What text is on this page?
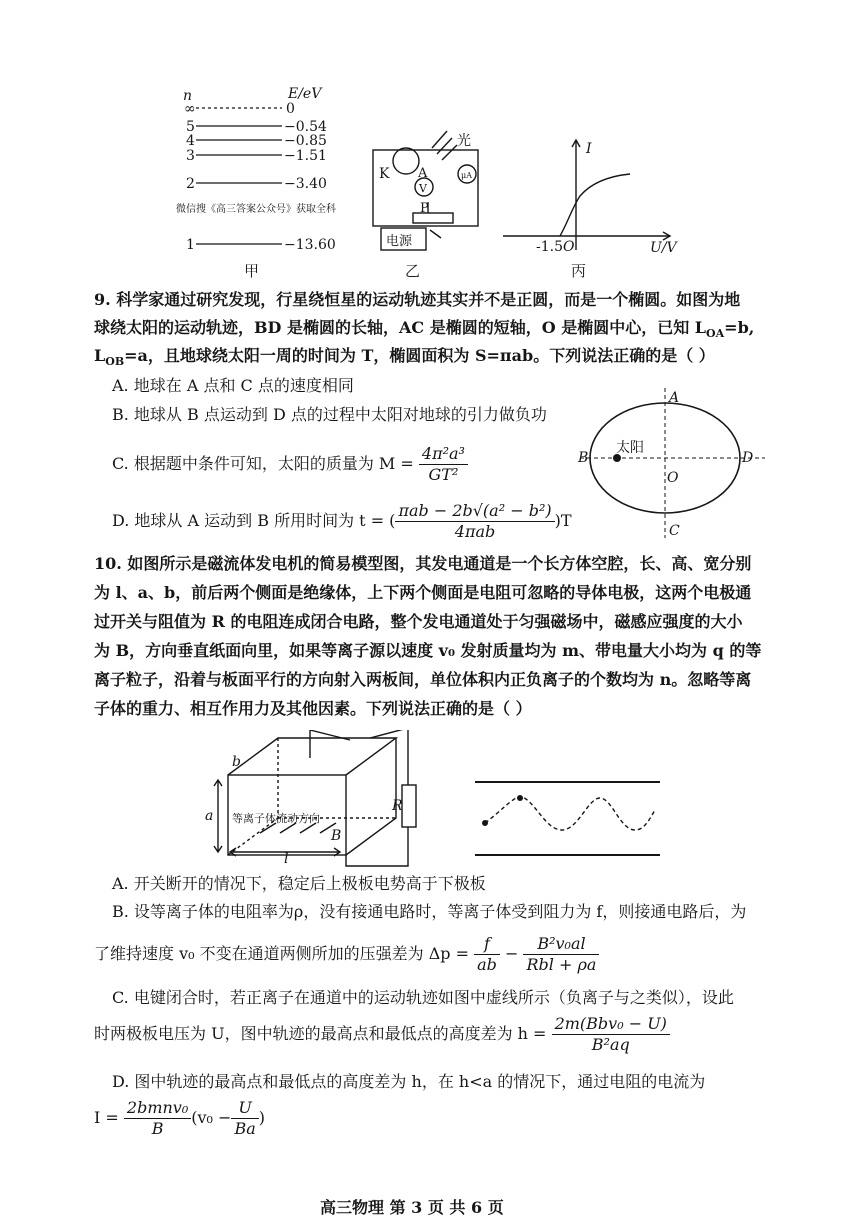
n	E/eV
∞	0
5	−0.54
4	−0.85
3	−1.51
2	−3.40
1	−13.60
微信搜《高三答案公众号》获取全科
甲
光
K A
V
μA
P
电源
乙
I
U/V
-1.5 O
丙
9. 科学家通过研究发现，行星绕恒星的运动轨迹其实并不是正圆，而是一个椭圆。如图为地
球绕太阳的运动轨迹，BD 是椭圆的长轴，AC 是椭圆的短轴，O 是椭圆中心，已知 $L_{OA}=b$,
$L_{OB}=a$，且地球绕太阳一周的时间为 T，椭圆面积为 S=πab。下列说法正确的是（ ）
A. 地球在 A 点和 C 点的速度相同
B. 地球从 B 点运动到 D 点的过程中太阳对地球的引力做负功
C. 根据题中条件可知，太阳的质量为 $M = \frac{\text{4π²a³}}{\text{GT²}}$
D. 地球从 A 运动到 B 所用时间为 t = ( $\frac{\text{πab − 2b√(a² − b²)}}{\text{4πab}} )T$
A
B
C
D
O
太阳
10. 如图所示是磁流体发电机的简易模型图，其发电通道是一个长方体空腔，长、高、宽分别
为 l、a、b，前后两个侧面是绝缘体，上下两个侧面是电阻可忽略的导体电极，这两个电极通
过开关与阻值为 R 的电阻连成闭合电路，整个发电通道处于匀强磁场中，磁感应强度的大小
为 B，方向垂直纸面向里，如果等离子源以速度 v₀ 发射质量均为 m、带电量大小均为 q 的等
离子粒子，沿着与板面平行的方向射入两板间，单位体积内正负离子的个数均为 n。忽略等离
子体的重力、相互作用力及其他因素。下列说法正确的是（ ）
b
a
l
R
B
等离子体流动方向
A. 开关断开的情况下，稳定后上极板电势高于下极板
B. 设等离子体的电阻率为ρ，没有接通电路时，等离子体受到阻力为 f，则接通电路后，为
了维持速度 v₀ 不变在通道两侧所加的压强差为 $\Delta p = \frac{f}{ab} - \frac{\text{B²v₀al}}{\text{Rbl + ρa}}$
C. 电键闭合时，若正离子在通道中的运动轨迹如图中虚线所示（负离子与之类似），设此
时两极板电压为 U，图中轨迹的最高点和最低点的高度差为 $h = \frac{\text{2m(Bbv₀ − U)}}{\text{B²aq}}$
D. 图中轨迹的最高点和最低点的高度差为 h，在 h<a 的情况下，通过电阻的电流为
$I = \frac{\text{2bmnv₀}}{B} (v_0 - \frac{U}{Ba}$ )
高三物理 第 3 页 共 6 页
